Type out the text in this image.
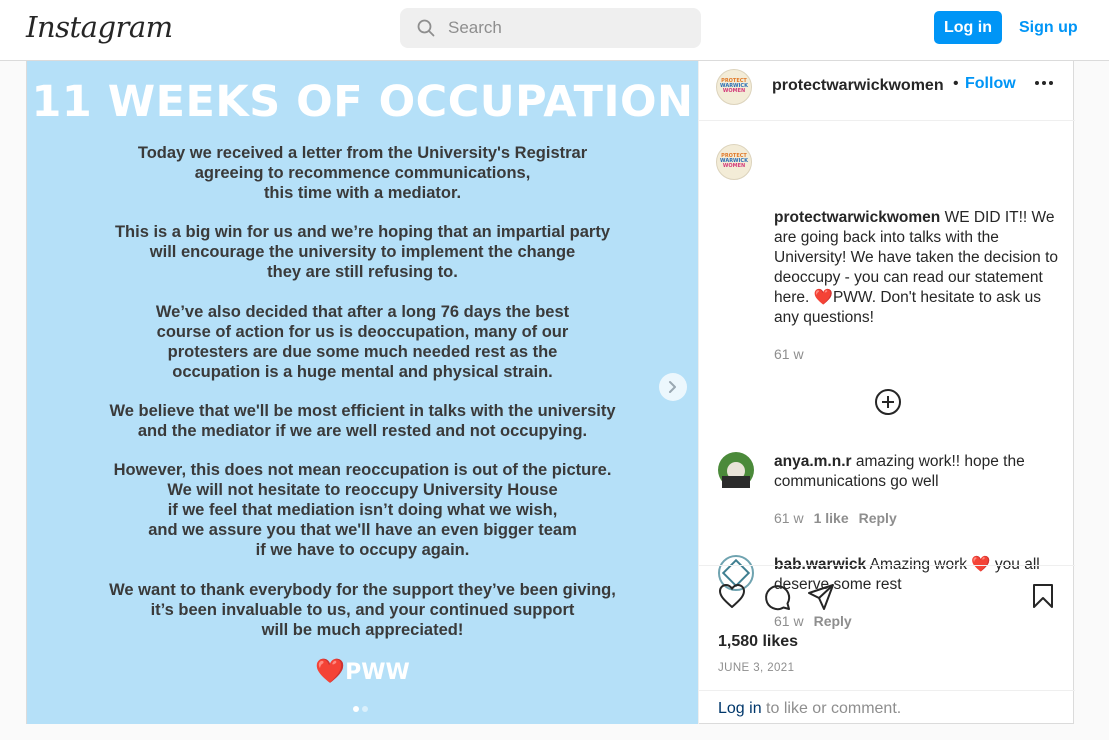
Instagram
Search	Log in	Sign up
11 WEEKS OF OCCUPATION
Today we received a letter from the University's Registrar
agreeing to recommence communications,
this time with a mediator.
This is a big win for us and we’re hoping that an impartial party
will encourage the university to implement the change
they are still refusing to.
We’ve also decided that after a long 76 days the best
course of action for us is deoccupation, many of our
protesters are due some much needed rest as the
occupation is a huge mental and physical strain.
We believe that we'll be most efficient in talks with the university
and the mediator if we are well rested and not occupying.
However, this does not mean reoccupation is out of the picture.
We will not hesitate to reoccupy University House
if we feel that mediation isn’t doing what we wish,
and we assure you that we'll have an even bigger team
if we have to occupy again.
We want to thank everybody for the support they’ve been giving,
it’s been invaluable to us, and your continued support
will be much appreciated!
❤️PWW
PROTECT
WARWICK
WOMEN	protectwarwickwomen • Follow
PROTECT
WARWICK
WOMEN
protectwarwickwomen WE DID IT!! We are going back into talks with the University! We have taken the decision to deoccupy - you can read our statement here. ❤️PWW. Don't hesitate to ask us any questions!
61 w
anya.m.n.r amazing work!! hope the communications go well
61 w 1 like Reply
bab.warwick Amazing work ❤️ you all deserve some rest
61 w Reply
1,580 likes
JUNE 3, 2021
Log in to like or comment.
